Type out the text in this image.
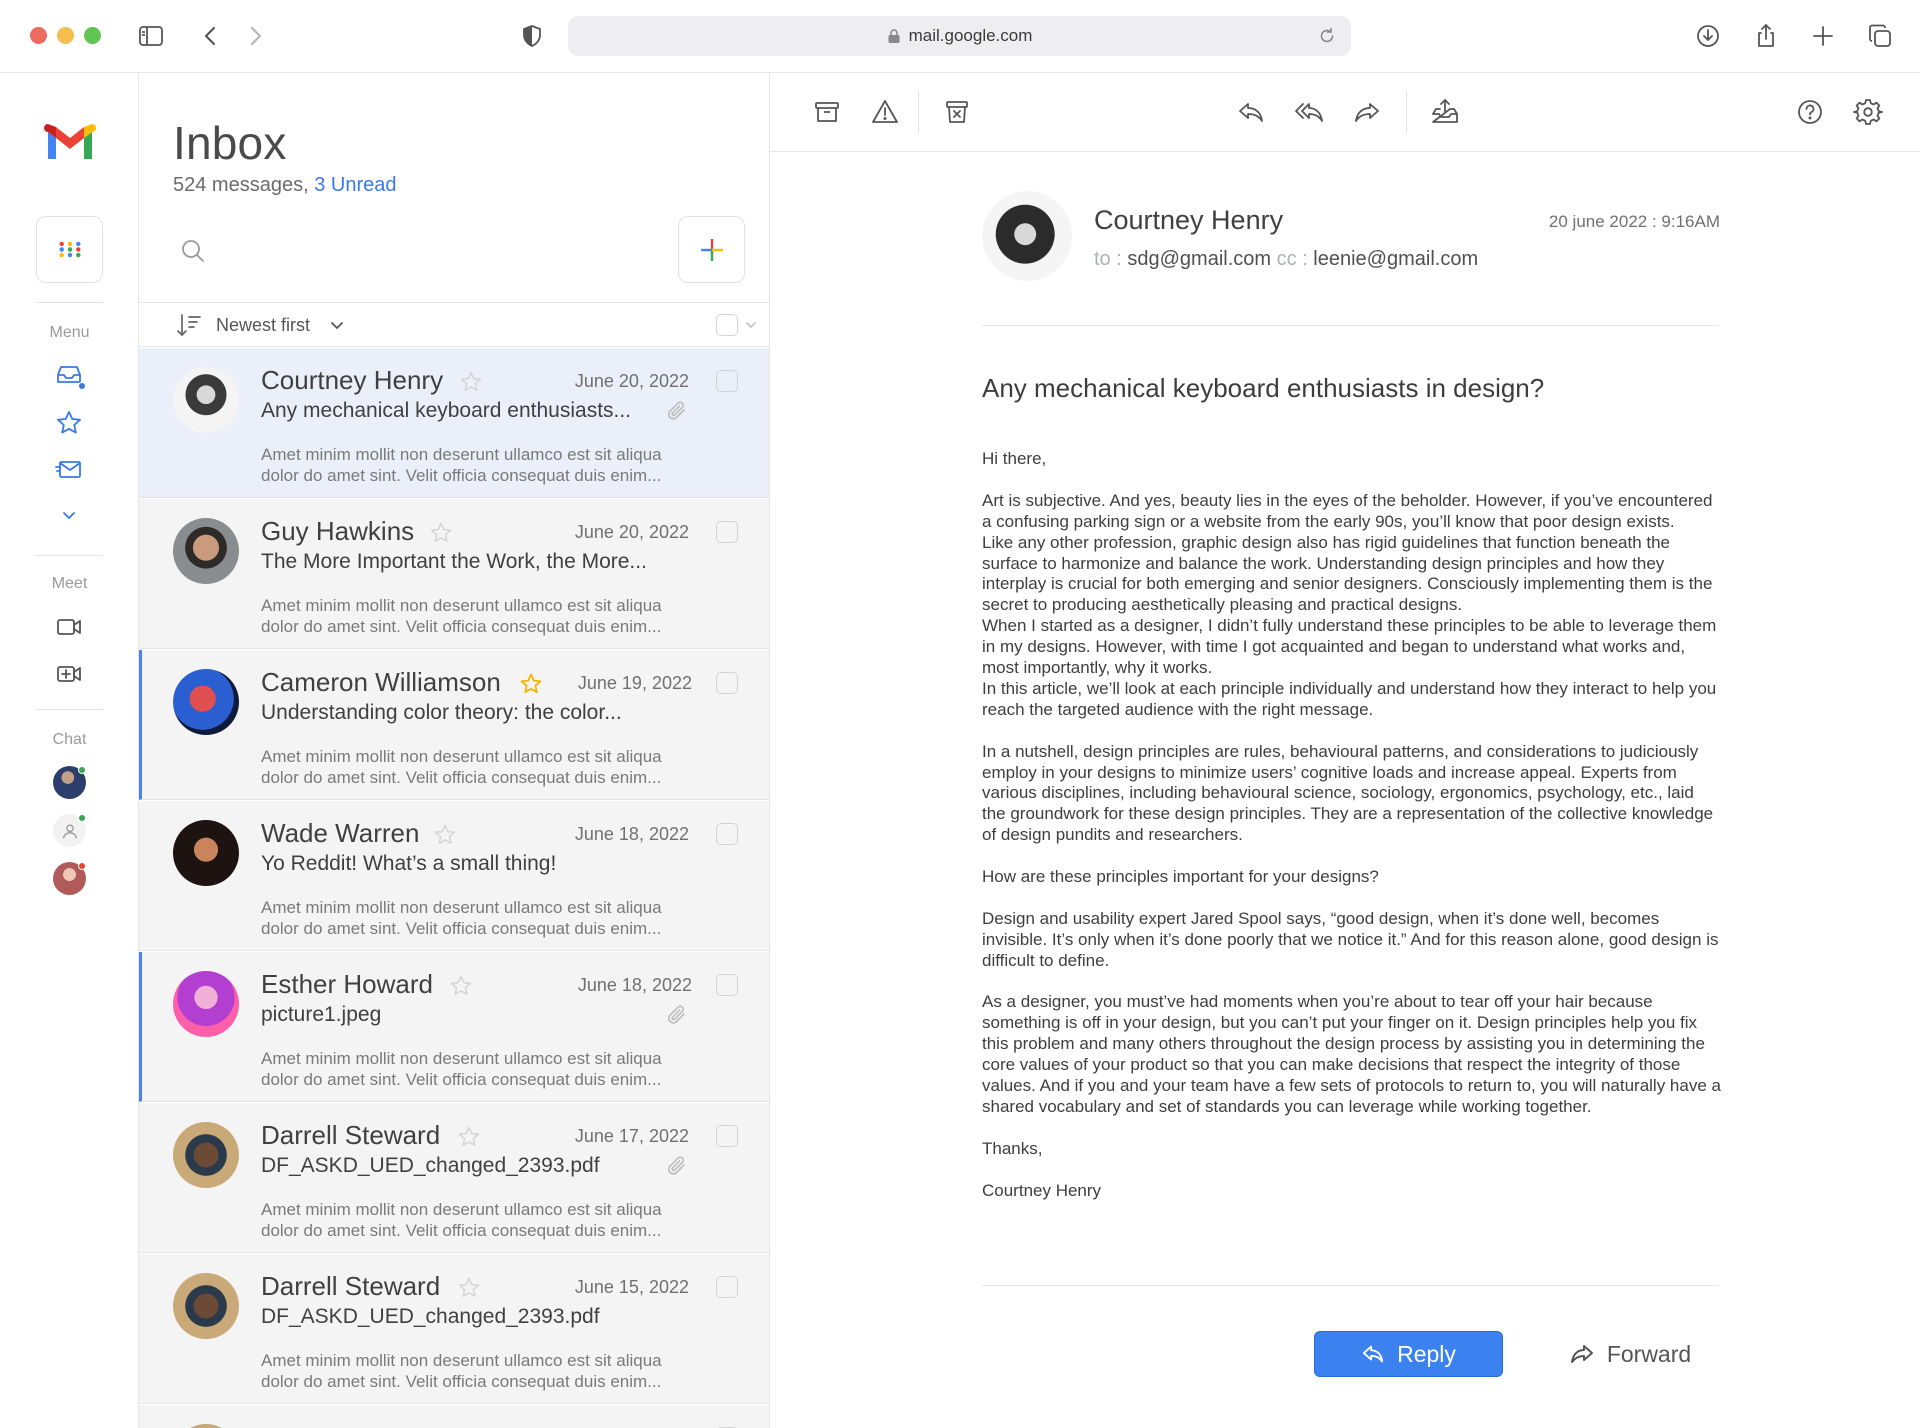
mail.google.com
Menu
Meet
Chat
Inbox
524 messages, 3 Unread
Newest first
Courtney Henry	June 20, 2022
Any mechanical keyboard enthusiasts...
Amet minim mollit non deserunt ullamco est sit aliqua dolor do amet sint. Velit officia consequat duis enim...
Guy Hawkins	June 20, 2022
The More Important the Work, the More...
Amet minim mollit non deserunt ullamco est sit aliqua dolor do amet sint. Velit officia consequat duis enim...
Cameron Williamson	June 19, 2022
Understanding color theory: the color...
Amet minim mollit non deserunt ullamco est sit aliqua dolor do amet sint. Velit officia consequat duis enim...
Wade Warren	June 18, 2022
Yo Reddit! What’s a small thing!
Amet minim mollit non deserunt ullamco est sit aliqua dolor do amet sint. Velit officia consequat duis enim...
Esther Howard	June 18, 2022
picture1.jpeg
Amet minim mollit non deserunt ullamco est sit aliqua dolor do amet sint. Velit officia consequat duis enim...
Darrell Steward	June 17, 2022
DF_ASKD_UED_changed_2393.pdf
Amet minim mollit non deserunt ullamco est sit aliqua dolor do amet sint. Velit officia consequat duis enim...
Darrell Steward	June 15, 2022
DF_ASKD_UED_changed_2393.pdf
Amet minim mollit non deserunt ullamco est sit aliqua dolor do amet sint. Velit officia consequat duis enim...
Courtney Henry	20 june 2022 : 9:16AM
to : sdg@gmail.com cc : leenie@gmail.com
Any mechanical keyboard enthusiasts in design?

Hi there,

Art is subjective. And yes, beauty lies in the eyes of the beholder. However, if you’ve encountered a confusing parking sign or a website from the early 90s, you’ll know that poor design exists.

Like any other profession, graphic design also has rigid guidelines that function beneath the surface to harmonize and balance the work. Understanding design principles and how they interplay is crucial for both emerging and senior designers. Consciously implementing them is the secret to producing aesthetically pleasing and practical designs.

When I started as a designer, I didn’t fully understand these principles to be able to leverage them in my designs. However, with time I got acquainted and began to understand what works and, most importantly, why it works.

In this article, we’ll look at each principle individually and understand how they interact to help you reach the targeted audience with the right message.

In a nutshell, design principles are rules, behavioural patterns, and considerations to judiciously employ in your designs to minimize users’ cognitive loads and increase appeal. Experts from various disciplines, including behavioural science, sociology, ergonomics, psychology, etc., laid the groundwork for these design principles. They are a representation of the collective knowledge of design pundits and researchers.

How are these principles important for your designs?

Design and usability expert Jared Spool says, “good design, when it’s done well, becomes invisible. It’s only when it’s done poorly that we notice it.” And for this reason alone, good design is difficult to define.

As a designer, you must’ve had moments when you’re about to tear off your hair because something is off in your design, but you can’t put your finger on it. Design principles help you fix this problem and many others throughout the design process by assisting you in determining the core values of your product so that you can make decisions that respect the integrity of those values. And if you and your team have a few sets of protocols to return to, you will naturally have a shared vocabulary and set of standards you can leverage while working together.

Thanks,

Courtney Henry

Reply	Forward
